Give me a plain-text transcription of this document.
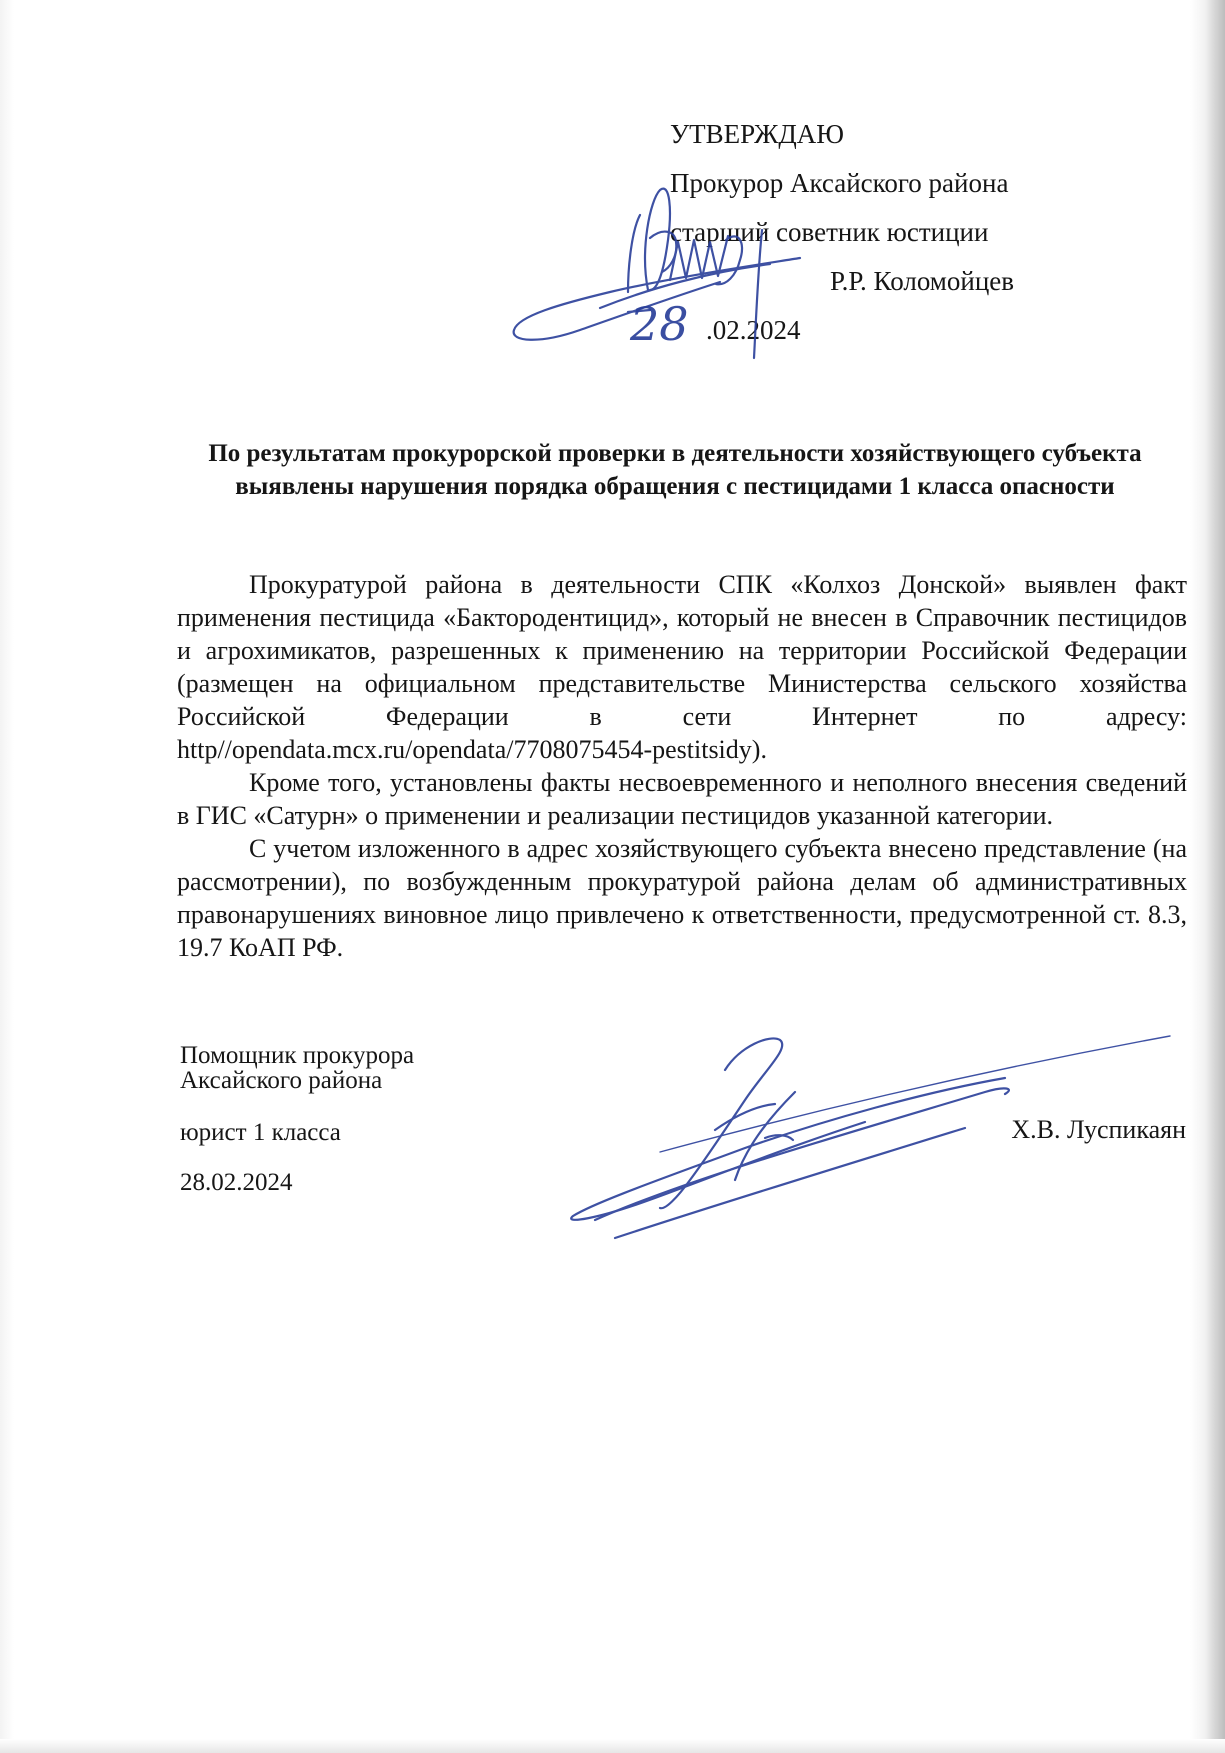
УТВЕРЖДАЮ
Прокурор Аксайского района
старший советник юстиции
Р.Р. Коломойцев
.02.2024
28
По результатам прокурорской проверки в деятельности хозяйствующего субъекта выявлены нарушения порядка обращения с пестицидами 1 класса опасности

Прокуратурой района в деятельности СПК «Колхоз Донской» выявлен факт применения пестицида «Бактородентицид», который не внесен в Справочник пестицидов и агрохимикатов, разрешенных к применению на территории Российской Федерации (размещен на официальном представительстве Министерства сельского хозяйства Российской Федерации в сети Интернет по адресу: http//opendata.mcx.ru/opendata/7708075454-pestitsidy).

Кроме того, установлены факты несвоевременного и неполного внесения сведений в ГИС «Сатурн» о применении и реализации пестицидов указанной категории.

С учетом изложенного в адрес хозяйствующего субъекта внесено представление (на рассмотрении), по возбужденным прокуратурой района делам об административных правонарушениях виновное лицо привлечено к ответственности, предусмотренной ст. 8.3, 19.7 КоАП РФ.

Помощник прокурора
Аксайского района
юрист 1 класса
28.02.2024
Х.В. Луспикаян
